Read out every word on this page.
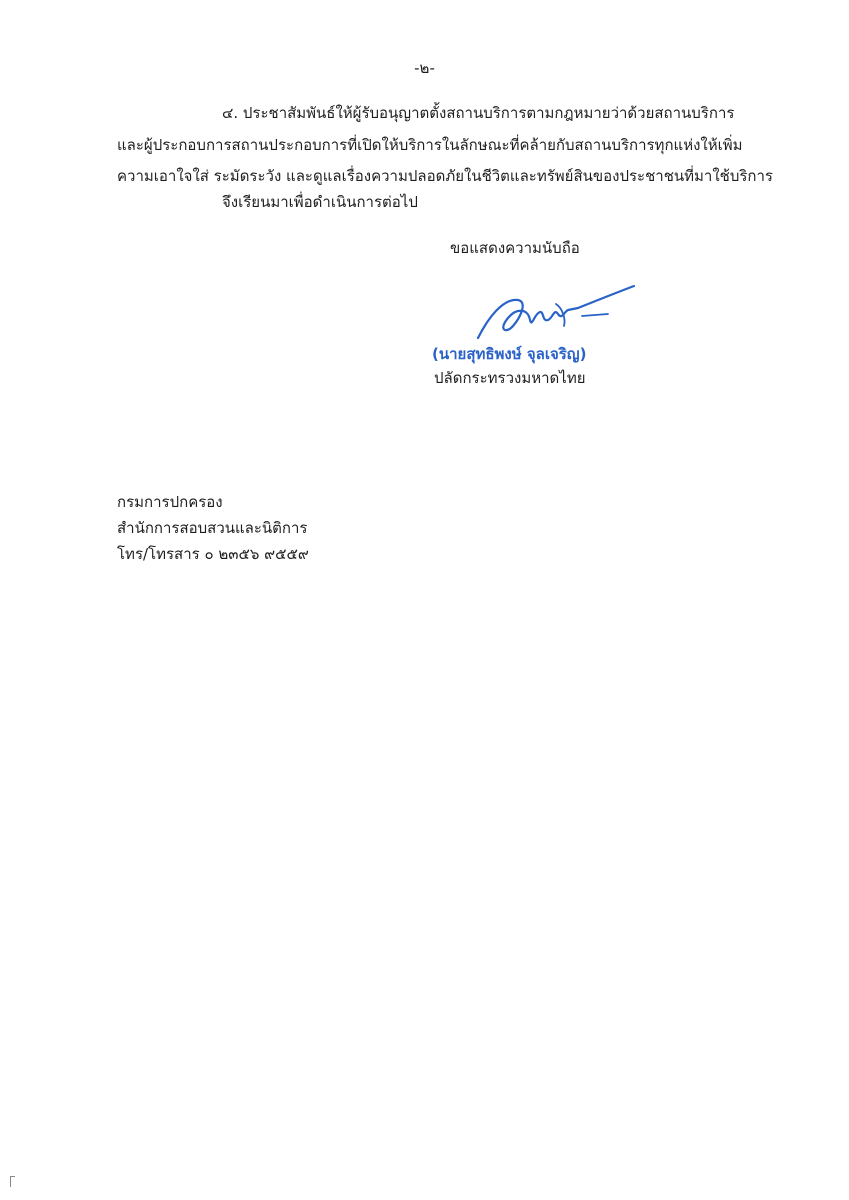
-๒-
๔. ประชาสัมพันธ์ให้ผู้รับอนุญาตตั้งสถานบริการตามกฎหมายว่าด้วยสถานบริการ
และผู้ประกอบการสถานประกอบการที่เปิดให้บริการในลักษณะที่คล้ายกับสถานบริการทุกแห่งให้เพิ่ม
ความเอาใจใส่ ระมัดระวัง และดูแลเรื่องความปลอดภัยในชีวิตและทรัพย์สินของประชาชนที่มาใช้บริการ
จึงเรียนมาเพื่อดำเนินการต่อไป
ขอแสดงความนับถือ
(นายสุทธิพงษ์ จุลเจริญ)
ปลัดกระทรวงมหาดไทย
กรมการปกครอง
สำนักการสอบสวนและนิติการ
โทร/โทรสาร ๐ ๒๓๕๖ ๙๕๕๙
